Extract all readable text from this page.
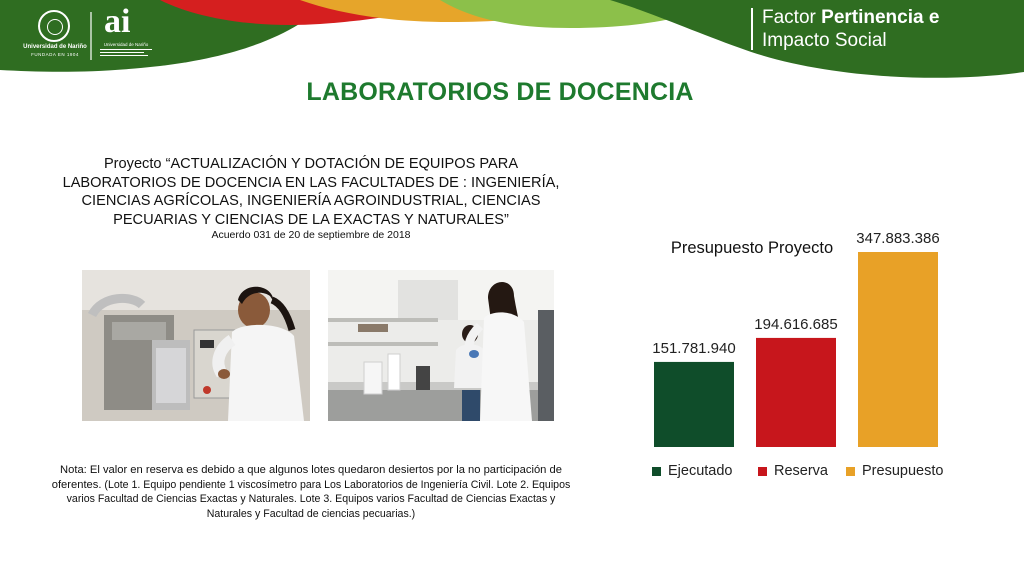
Universidad de Nariño
FUNDADA EN 1904
ai
Universidad de Nariño
Factor Pertinencia e
Impacto Social
LABORATORIOS DE DOCENCIA
Proyecto “ACTUALIZACIÓN Y DOTACIÓN DE EQUIPOS PARA LABORATORIOS DE DOCENCIA EN LAS FACULTADES DE : INGENIERÍA, CIENCIAS AGRÍCOLAS, INGENIERÍA AGROINDUSTRIAL, CIENCIAS PECUARIAS Y CIENCIAS DE LA EXACTAS Y NATURALES”
Acuerdo 031 de 20 de septiembre de 2018
Nota: El valor en reserva es debido a que algunos lotes quedaron desiertos por la no participación de oferentes. (Lote 1. Equipo pendiente 1 viscosímetro para Los Laboratorios de Ingeniería Civil. Lote 2. Equipos varios Facultad de Ciencias Exactas y Naturales. Lote 3. Equipos varios Facultad de Ciencias Exactas y Naturales y Facultad de ciencias pecuarias.)
Presupuesto Proyecto
151.781.940
194.616.685
347.883.386
Ejecutado	Reserva Presupuesto
